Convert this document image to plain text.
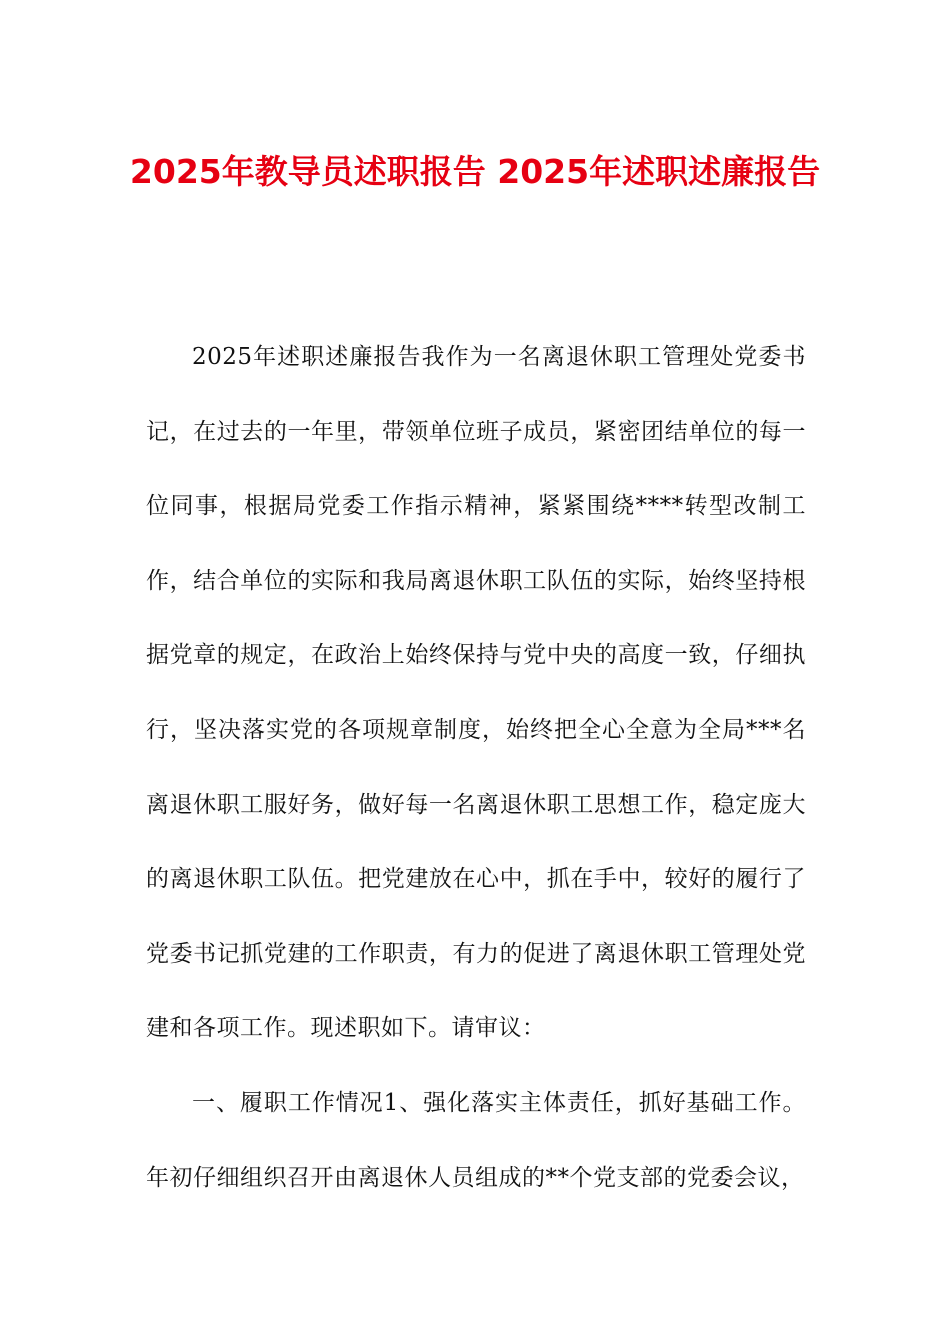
2025年教导员述职报告 2025年述职述廉报告

2025年述职述廉报告我作为一名离退休职工管理处党委书记，在过去的一年里，带领单位班子成员，紧密团结单位的每一位同事，根据局党委工作指示精神，紧紧围绕****转型改制工作，结合单位的实际和我局离退休职工队伍的实际，始终坚持根据党章的规定，在政治上始终保持与党中央的高度一致，仔细执行，坚决落实党的各项规章制度，始终把全心全意为全局***名离退休职工服好务，做好每一名离退休职工思想工作，稳定庞大的离退休职工队伍。把党建放在心中，抓在手中，较好的履行了党委书记抓党建的工作职责，有力的促进了离退休职工管理处党建和各项工作。现述职如下。请审议：

一、履职工作情况1、强化落实主体责任，抓好基础工作。年初仔细组织召开由离退休人员组成的**个党支部的党委会议，
